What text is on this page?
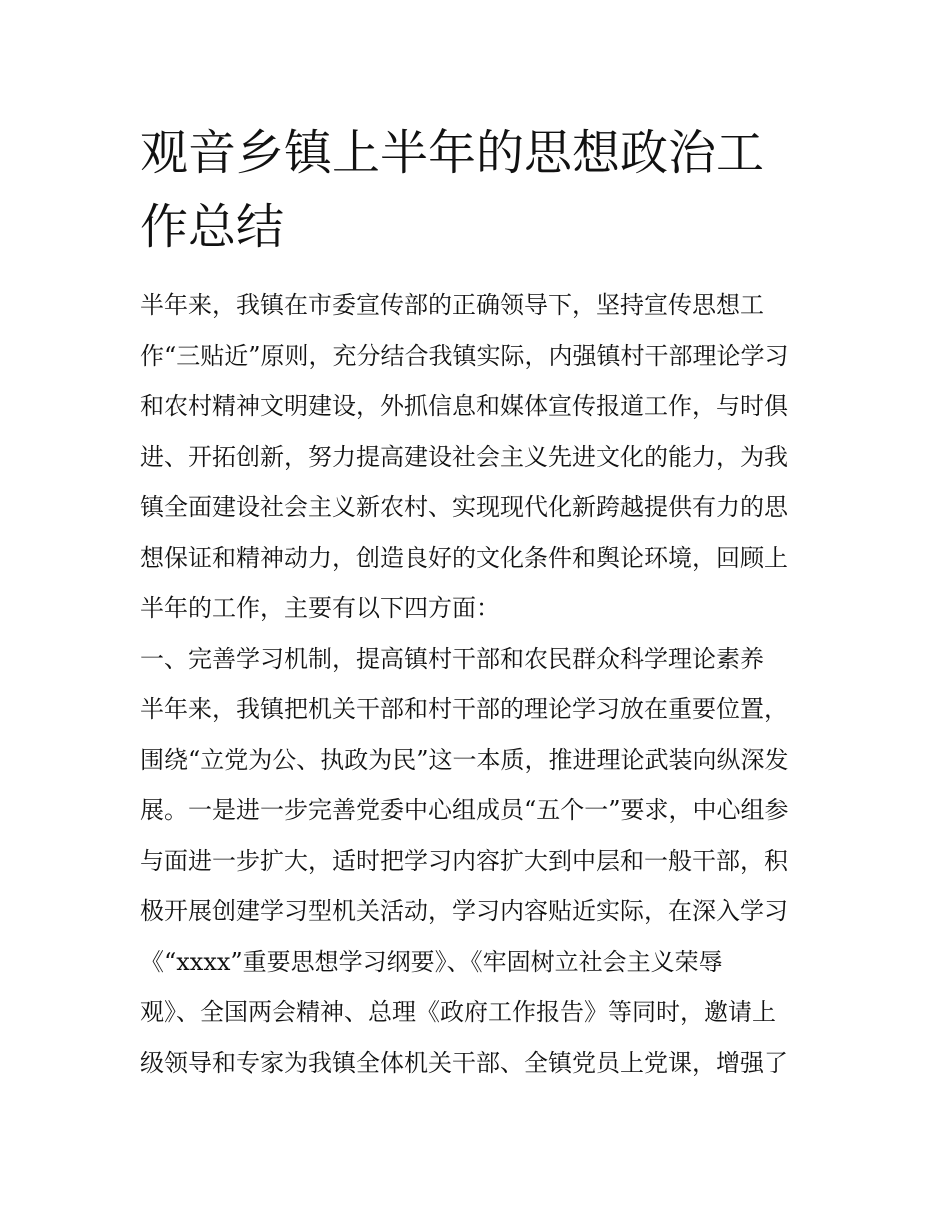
观音乡镇上半年的思想政治工
作总结
半年来，我镇在市委宣传部的正确领导下，坚持宣传思想工
作“三贴近”原则，充分结合我镇实际，内强镇村干部理论学习
和农村精神文明建设，外抓信息和媒体宣传报道工作，与时俱
进、开拓创新，努力提高建设社会主义先进文化的能力，为我
镇全面建设社会主义新农村、实现现代化新跨越提供有力的思
想保证和精神动力，创造良好的文化条件和舆论环境，回顾上
半年的工作，主要有以下四方面：
一、完善学习机制，提高镇村干部和农民群众科学理论素养
半年来，我镇把机关干部和村干部的理论学习放在重要位置，
围绕“立党为公、执政为民”这一本质，推进理论武装向纵深发
展。一是进一步完善党委中心组成员“五个一”要求，中心组参
与面进一步扩大，适时把学习内容扩大到中层和一般干部，积
极开展创建学习型机关活动，学习内容贴近实际，在深入学习
《“xxxx”重要思想学习纲要》、《牢固树立社会主义荣辱
观》、全国两会精神、总理《政府工作报告》等同时，邀请上
级领导和专家为我镇全体机关干部、全镇党员上党课，增强了
